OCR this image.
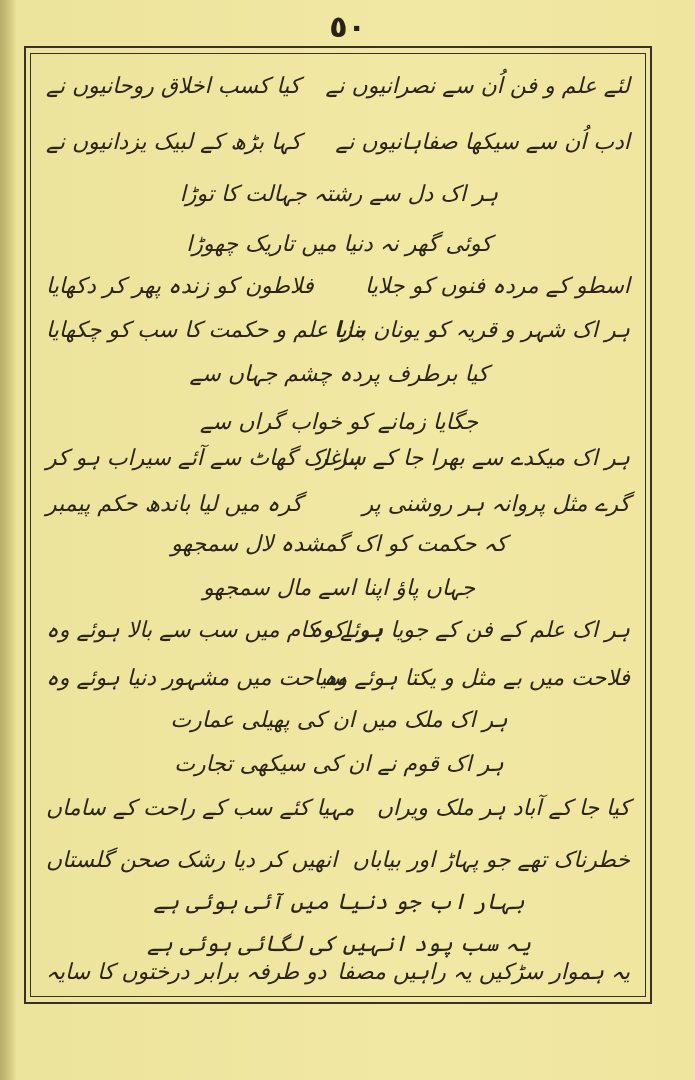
٥٠
لئے علم و فن اُن سے نصرانیوں نے
کیا کسب اخلاق روحانیوں نے
ادب اُن سے سیکھا صفاہانیوں نے
کہا بڑھ کے لبیک یزدانیوں نے
ہر اک دل سے رشتہ جہالت کا توڑا
کوئی گھر نہ دنیا میں تاریک چھوڑا
اسطو کے مردہ فنوں کو جلایا
فلاطون کو زندہ پھر کر دکھایا
ہر اک شہر و قریہ کو یونان بنایا
مزا علم و حکمت کا سب کو چکھایا
کیا برطرف پردہ چشم جہاں سے
جگایا زمانے کو خواب گراں سے
ہر اک میکدے سے بھرا جا کے ساغر
ہر اک گھاٹ سے آئے سیراب ہو کر
گرے مثل پروانہ ہر روشنی پر
گرہ میں لیا باندھ حکم پیمبر
کہ حکمت کو اک گمشدہ لال سمجھو
جہاں پاؤ اپنا اسے مال سمجھو
ہر اک علم کے فن کے جویا ہوئے وہ
ہر اک کام میں سب سے بالا ہوئے وہ
فلاحت میں بے مثل و یکتا ہوئے وہ
سیاحت میں مشہور دنیا ہوئے وہ
ہر اک ملک میں ان کی پھیلی عمارت
ہر اک قوم نے ان کی سیکھی تجارت
کیا جا کے آباد ہر ملک ویراں
مہیا کئے سب کے راحت کے ساماں
خطرناک تھے جو پہاڑ اور بیاباں
انھیں کر دیا رشک صحن گلستاں
بہار اب جو دنیا میں آئی ہوئی ہے
یہ سب پود انہیں کی لگائی ہوئی ہے
یہ ہموار سڑکیں یہ راہیں مصفا
دو طرفہ برابر درختوں کا سایہ
